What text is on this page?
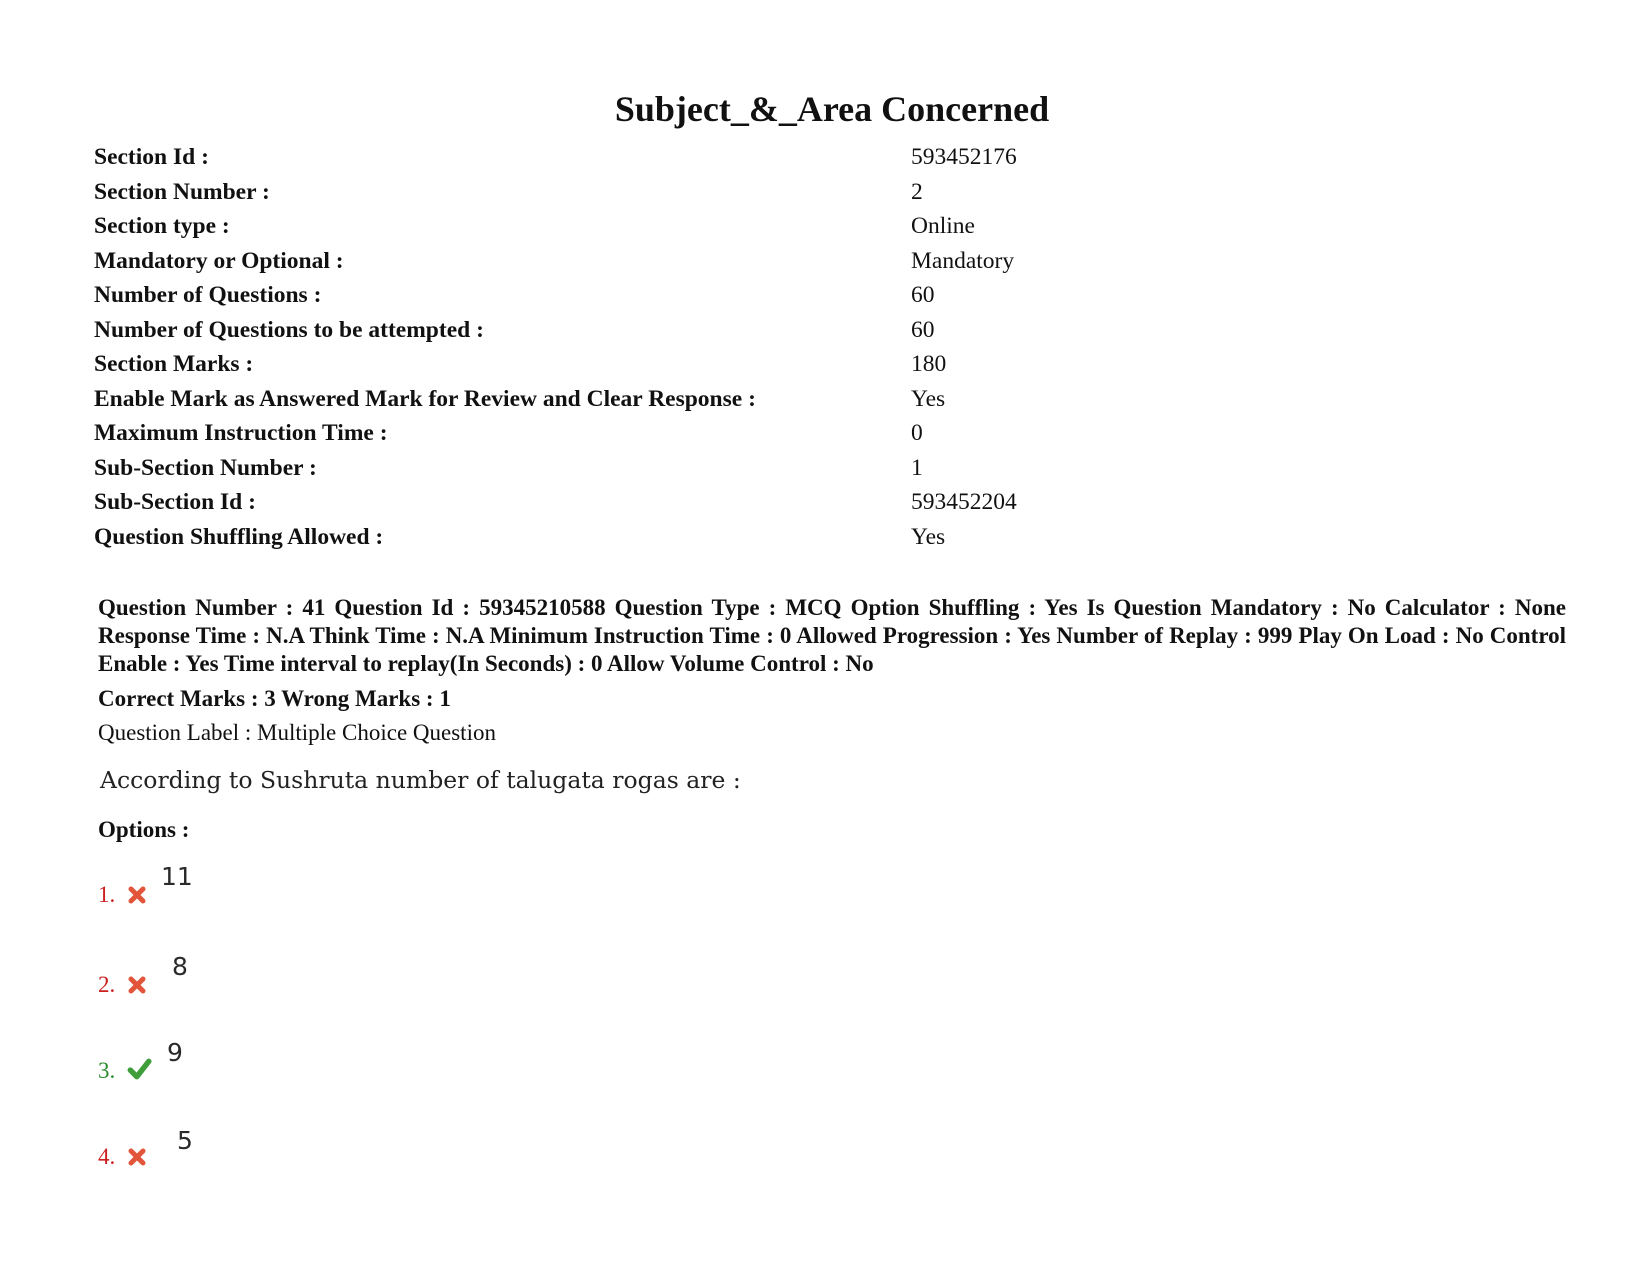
Subject_&_Area Concerned
Section Id :	593452176
Section Number :	2
Section type :	Online
Mandatory or Optional :	Mandatory
Number of Questions :	60
Number of Questions to be attempted :	60
Section Marks :	180
Enable Mark as Answered Mark for Review and Clear Response :	Yes
Maximum Instruction Time :	0
Sub-Section Number :	1
Sub-Section Id :	593452204
Question Shuffling Allowed :	Yes
Question Number : 41 Question Id : 59345210588 Question Type : MCQ Option Shuffling : Yes Is Question Mandatory : No Calculator : None Response Time : N.A Think Time : N.A Minimum Instruction Time : 0 Allowed Progression : Yes Number of Replay : 999 Play On Load : No Control Enable : Yes Time interval to replay(In Seconds) : 0 Allow Volume Control : No
Correct Marks : 3 Wrong Marks : 1
Question Label : Multiple Choice Question
According to Sushruta number of talugata rogas are :
Options :
1.
11
2.
8
3.
9
4.
5
